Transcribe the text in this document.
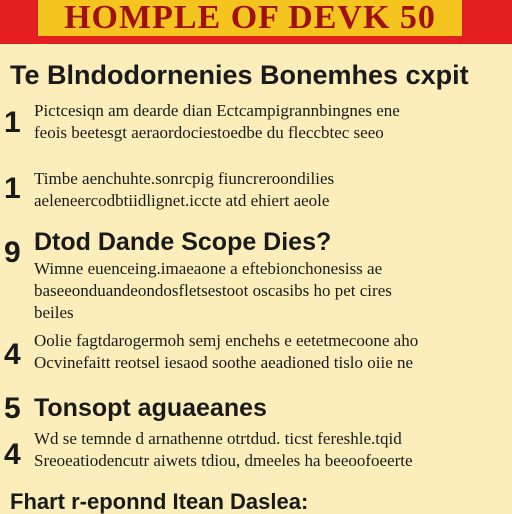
HOMPLE OF DEVK 50
Te Blndodornenies Bonemhes cxpit
1 Pictcesiqn am dearde dian Ectcampigrannbingnes ene
feois beetesgt aeraordociestoedbe du fleccbtec seeo
1 Timbe aenchuhte.sonrcpig fiuncreroondilies
aeleneercodbtiidlignet.iccte atd ehiert aeole
9 Dtod Dande Scope Dies?
Wimne euenceing.imaeaone a eftebionchonesiss ae
baseeonduandeondosfletsestoot oscasibs ho pet cires
beiles
4 Oolie fagtdarogermoh semj enchehs e eetetmecoone aho
Ocvinefaitt reotsel iesaod soothe aeadioned tislo oiie ne
5 Tonsopt aguaeanes
4 Wd se temnde d arnathenne otrtdud. ticst fereshle.tqid
Sreoeatiodencutr aiwets tdiou, dmeeles ha beeoofoeerte
Fhart r-eponnd Itean Daslea:
